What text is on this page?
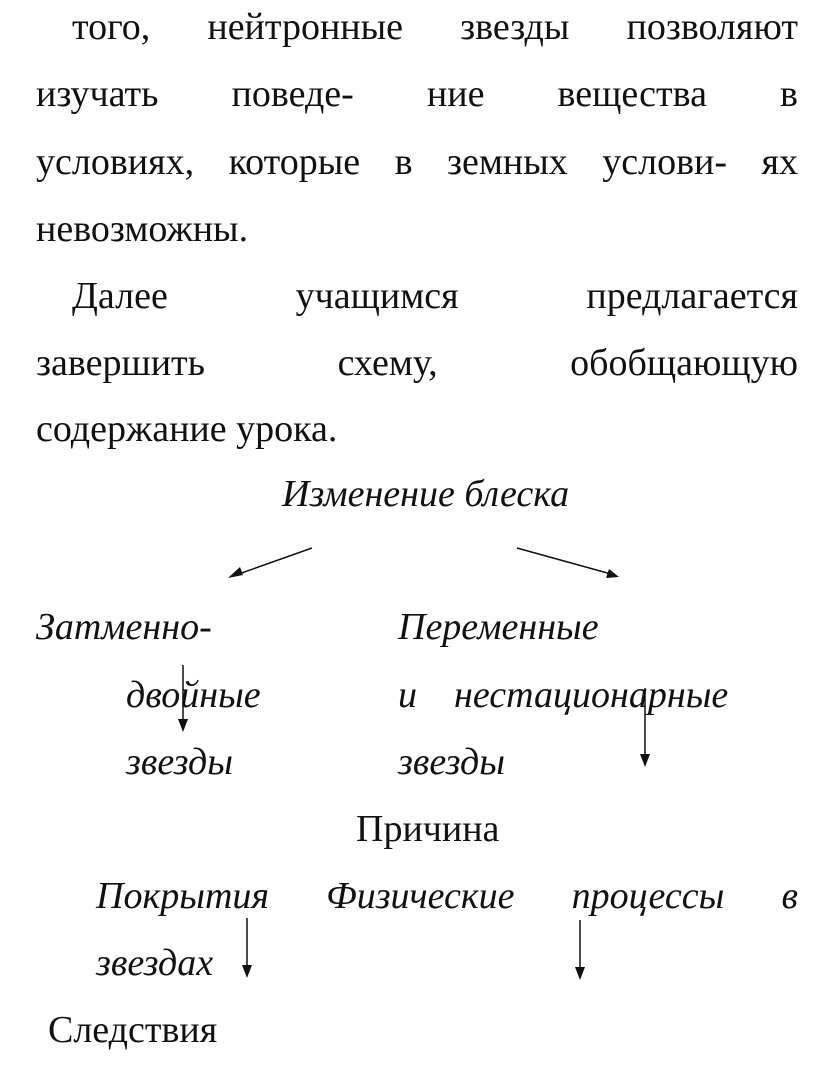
того, нейтронные звезды позволяют
изучать поведе- ние вещества в
условиях, которые в земных услови- ях
невозможны.
Далее	учащимся	предлагается
завершить	схему,	обобщающую
содержание урока.
Изменение блеска
Затменно-
двойные
звезды
Переменные
и нестационарные
звезды
Причина
Покрытия Физические процессы в
звездах
Следствия
